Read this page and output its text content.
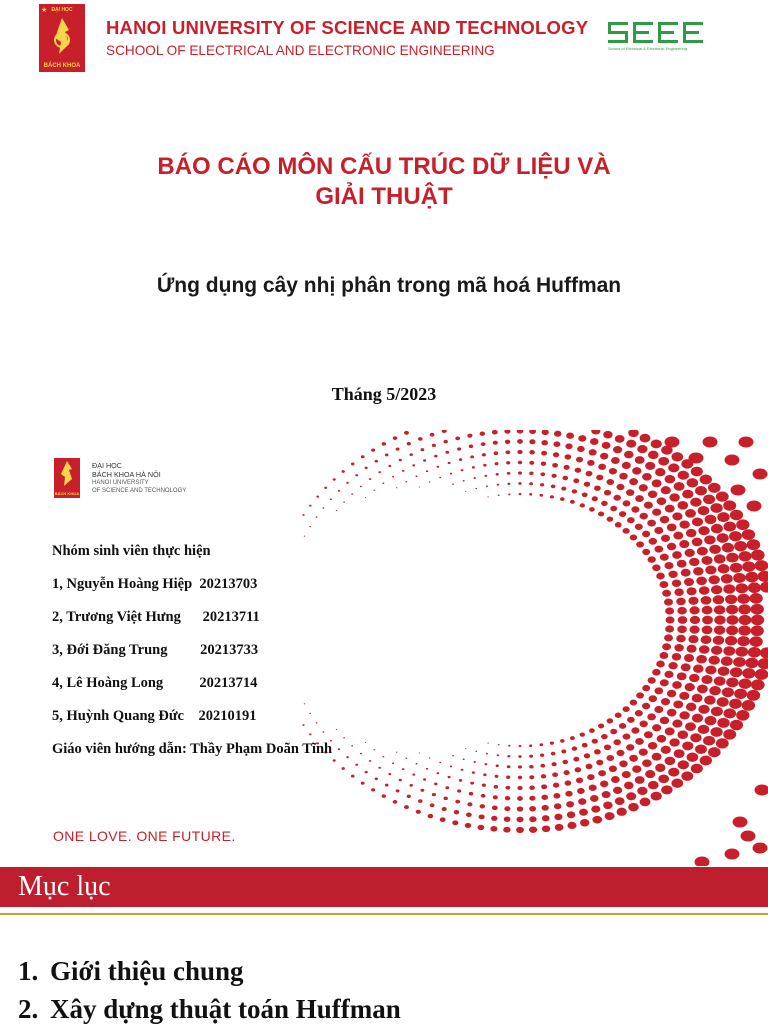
★ ĐẠI HỌC
BÁCH KHOA
HANOI UNIVERSITY OF SCIENCE AND TECHNOLOGY
SCHOOL OF ELECTRICAL AND ELECTRONIC ENGINEERING	School of Electrical & Electronic Engineering
BÁO CÁO MÔN CẤU TRÚC DỮ LIỆU VÀ
GIẢI THUẬT
Ứng dụng cây nhị phân trong mã hoá Huffman
Tháng 5/2023
BÁCH KHOA
ĐẠI HỌC
BÁCH KHOA HÀ NỘI
HANOI UNIVERSITY
OF SCIENCE AND TECHNOLOGY
Nhóm sinh viên thực hiện
1, Nguyễn Hoàng Hiệp  20213703
2, Trương Việt Hưng      20213711
3, Đới Đăng Trung         20213733
4, Lê Hoàng Long          20213714
5, Huỳnh Quang Đức    20210191
Giáo viên hướng dẫn: Thầy Phạm Doãn Tĩnh
ONE LOVE. ONE FUTURE.
Mục lục
1. Giới thiệu chung
2. Xây dựng thuật toán Huffman
